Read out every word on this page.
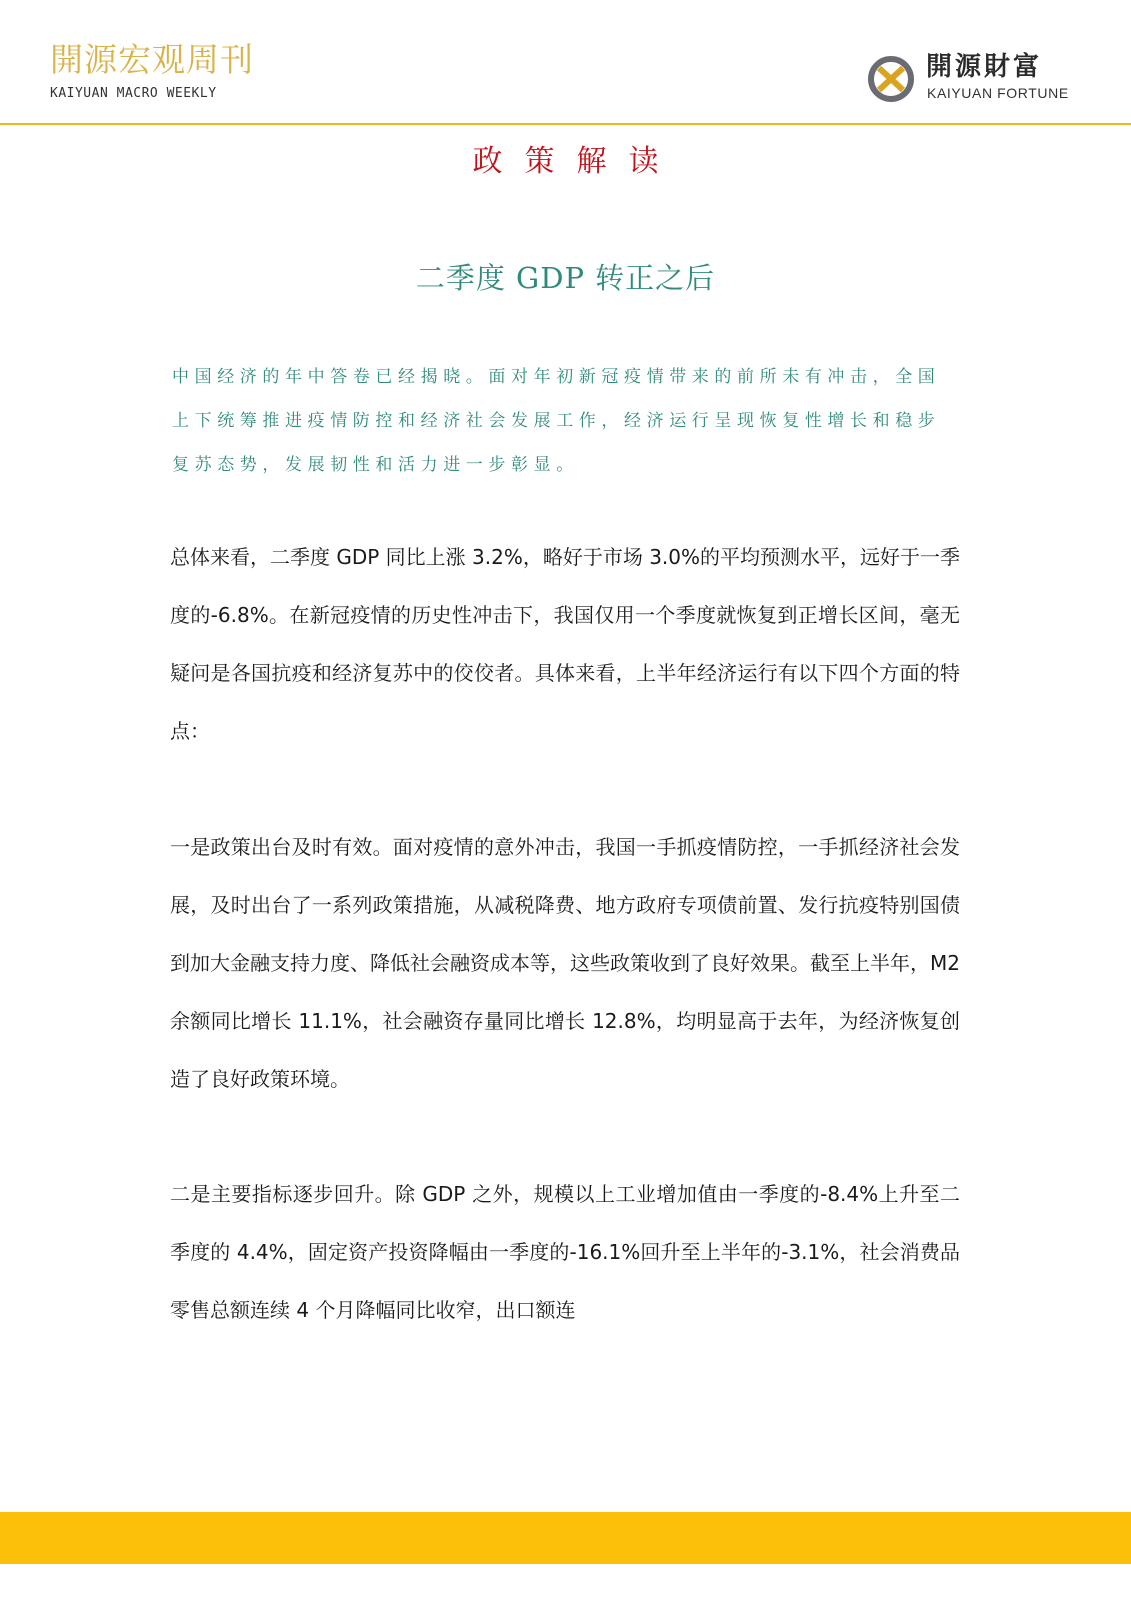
開源宏观周刊
KAIYUAN MACRO WEEKLY
開源財富
KAIYUAN FORTUNE
政策解读
二季度 GDP 转正之后
中国经济的年中答卷已经揭晓。面对年初新冠疫情带来的前所未有冲击，全国上下统筹推进疫情防控和经济社会发展工作，经济运行呈现恢复性增长和稳步复苏态势，发展韧性和活力进一步彰显。
总体来看，二季度 GDP 同比上涨 3.2%，略好于市场 3.0%的平均预测水平，远好于一季度的-6.8%。在新冠疫情的历史性冲击下，我国仅用一个季度就恢复到正增长区间，毫无疑问是各国抗疫和经济复苏中的佼佼者。具体来看，上半年经济运行有以下四个方面的特点：
一是政策出台及时有效。面对疫情的意外冲击，我国一手抓疫情防控，一手抓经济社会发展，及时出台了一系列政策措施，从减税降费、地方政府专项债前置、发行抗疫特别国债到加大金融支持力度、降低社会融资成本等，这些政策收到了良好效果。截至上半年，M2 余额同比增长 11.1%，社会融资存量同比增长 12.8%，均明显高于去年，为经济恢复创造了良好政策环境。
二是主要指标逐步回升。除 GDP 之外，规模以上工业增加值由一季度的-8.4%上升至二季度的 4.4%，固定资产投资降幅由一季度的-16.1%回升至上半年的-3.1%，社会消费品零售总额连续 4 个月降幅同比收窄，出口额连
